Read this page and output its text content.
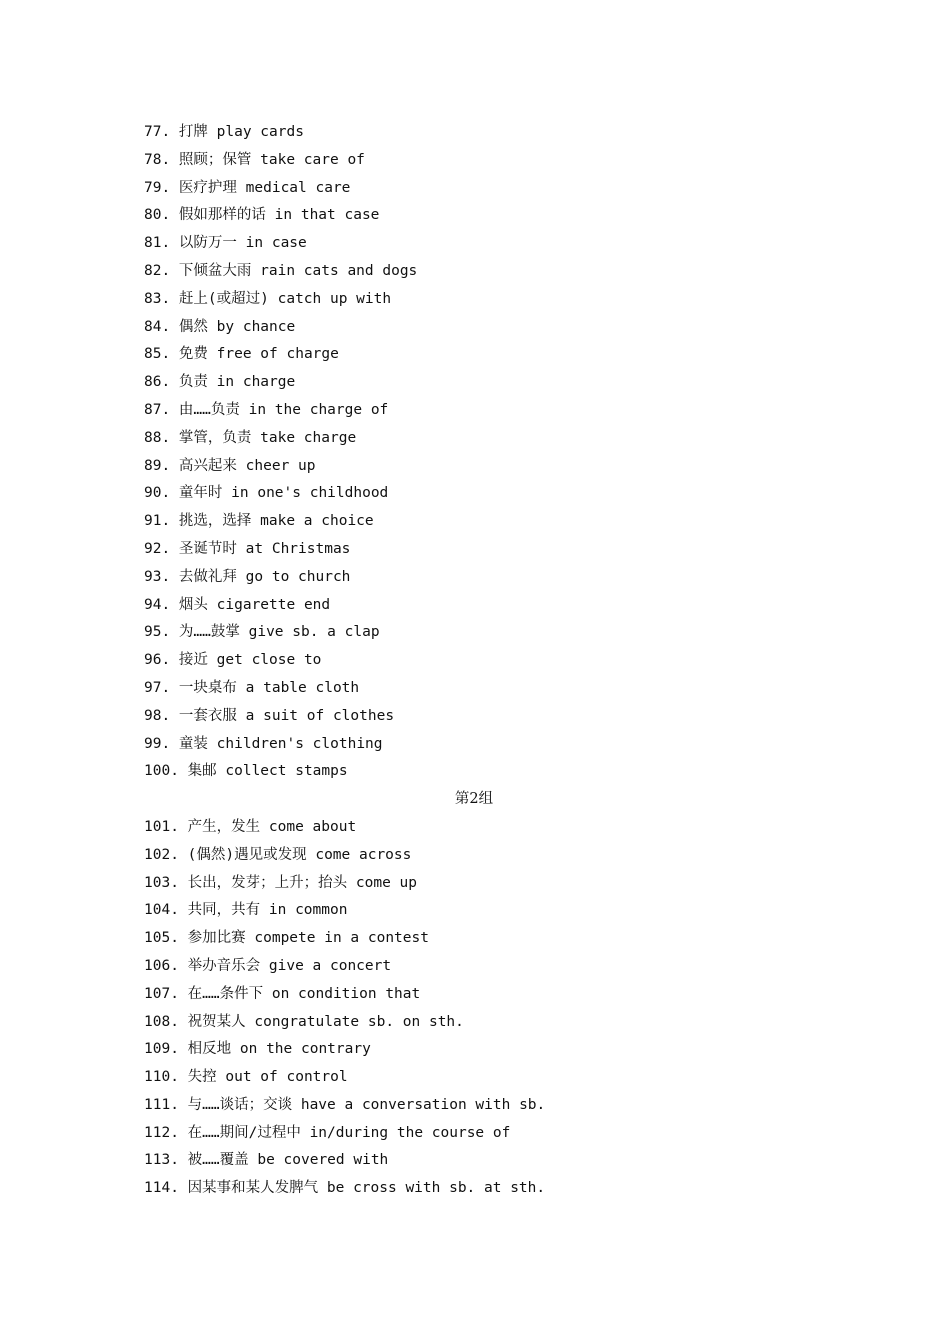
77. 打牌 play cards
78. 照顾；保管 take care of
79. 医疗护理 medical care
80. 假如那样的话 in that case
81. 以防万一 in case
82. 下倾盆大雨 rain cats and dogs
83. 赶上(或超过) catch up with
84. 偶然 by chance
85. 免费 free of charge
86. 负责 in charge
87. 由……负责 in the charge of
88. 掌管，负责 take charge
89. 高兴起来 cheer up
90. 童年时 in one's childhood
91. 挑选，选择 make a choice
92. 圣诞节时 at Christmas
93. 去做礼拜 go to church
94. 烟头 cigarette end
95. 为……鼓掌 give sb. a clap
96. 接近 get close to
97. 一块桌布 a table cloth
98. 一套衣服 a suit of clothes
99. 童装 children's clothing
100. 集邮 collect stamps
第2组
101. 产生，发生 come about
102. (偶然)遇见或发现 come across
103. 长出，发芽；上升；抬头 come up
104. 共同，共有 in common
105. 参加比赛 compete in a contest
106. 举办音乐会 give a concert
107. 在……条件下 on condition that
108. 祝贺某人 congratulate sb. on sth.
109. 相反地 on the contrary
110. 失控 out of control
111. 与……谈话；交谈 have a conversation with sb.
112. 在……期间/过程中 in/during the course of
113. 被……覆盖 be covered with
114. 因某事和某人发脾气 be cross with sb. at sth.
